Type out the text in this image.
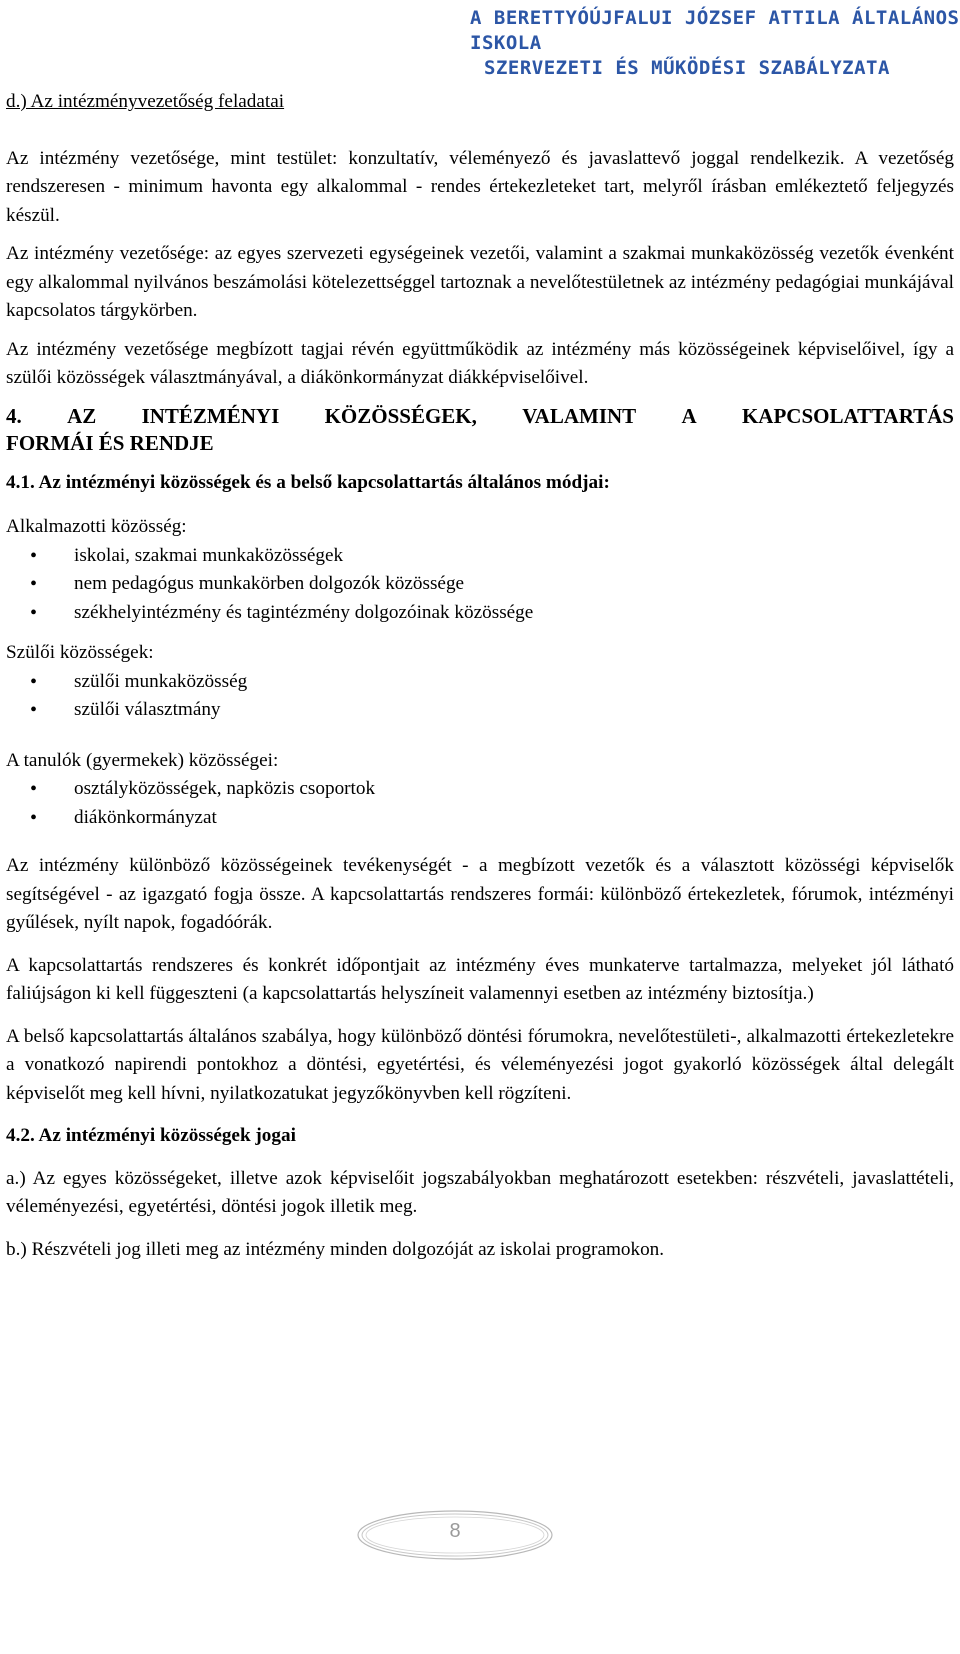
A BERETTYÓÚJFALUI JÓZSEF ATTILA ÁLTALÁNOS ISKOLA
SZERVEZETI ÉS MŰKÖDÉSI SZABÁLYZATA

d.) Az intézményvezetőség feladatai

Az intézmény vezetősége, mint testület: konzultatív, véleményező és javaslattevő joggal rendelkezik. A vezetőség rendszeresen - minimum havonta egy alkalommal - rendes értekezleteket tart, melyről írásban emlékeztető feljegyzés készül.

Az intézmény vezetősége: az egyes szervezeti egységeinek vezetői, valamint a szakmai munkaközösség vezetők évenként egy alkalommal nyilvános beszámolási kötelezettséggel tartoznak a nevelőtestületnek az intézmény pedagógiai munkájával kapcsolatos tárgykörben.

Az intézmény vezetősége megbízott tagjai révén együttműködik az intézmény más közösségeinek képviselőivel, így a szülői közösségek választmányával, a diákönkormányzat diákképviselőivel.

4. AZ INTÉZMÉNYI KÖZÖSSÉGEK, VALAMINT A KAPCSOLATTARTÁS
FORMÁI ÉS RENDJE

4.1. Az intézményi közösségek és a belső kapcsolattartás általános módjai:

Alkalmazotti közösség:

• iskolai, szakmai munkaközösségek
• nem pedagógus munkakörben dolgozók közössége
• székhelyintézmény és tagintézmény dolgozóinak közössége

Szülői közösségek:

• szülői munkaközösség
• szülői választmány

A tanulók (gyermekek) közösségei:

• osztályközösségek, napközis csoportok
• diákönkormányzat

Az intézmény különböző közösségeinek tevékenységét - a megbízott vezetők és a választott közösségi képviselők segítségével - az igazgató fogja össze. A kapcsolattartás rendszeres formái: különböző értekezletek, fórumok, intézményi gyűlések, nyílt napok, fogadóórák.

A kapcsolattartás rendszeres és konkrét időpontjait az intézmény éves munkaterve tartalmazza, melyeket jól látható faliújságon ki kell függeszteni (a kapcsolattartás helyszíneit valamennyi esetben az intézmény biztosítja.)

A belső kapcsolattartás általános szabálya, hogy különböző döntési fórumokra, nevelőtestületi-, alkalmazotti értekezletekre a vonatkozó napirendi pontokhoz a döntési, egyetértési, és véleményezési jogot gyakorló közösségek által delegált képviselőt meg kell hívni, nyilatkozatukat jegyzőkönyvben kell rögzíteni.

4.2. Az intézményi közösségek jogai

a.) Az egyes közösségeket, illetve azok képviselőit jogszabályokban meghatározott esetekben: részvételi, javaslattételi, véleményezési, egyetértési, döntési jogok illetik meg.

b.) Részvételi jog illeti meg az intézmény minden dolgozóját az iskolai programokon.

8
